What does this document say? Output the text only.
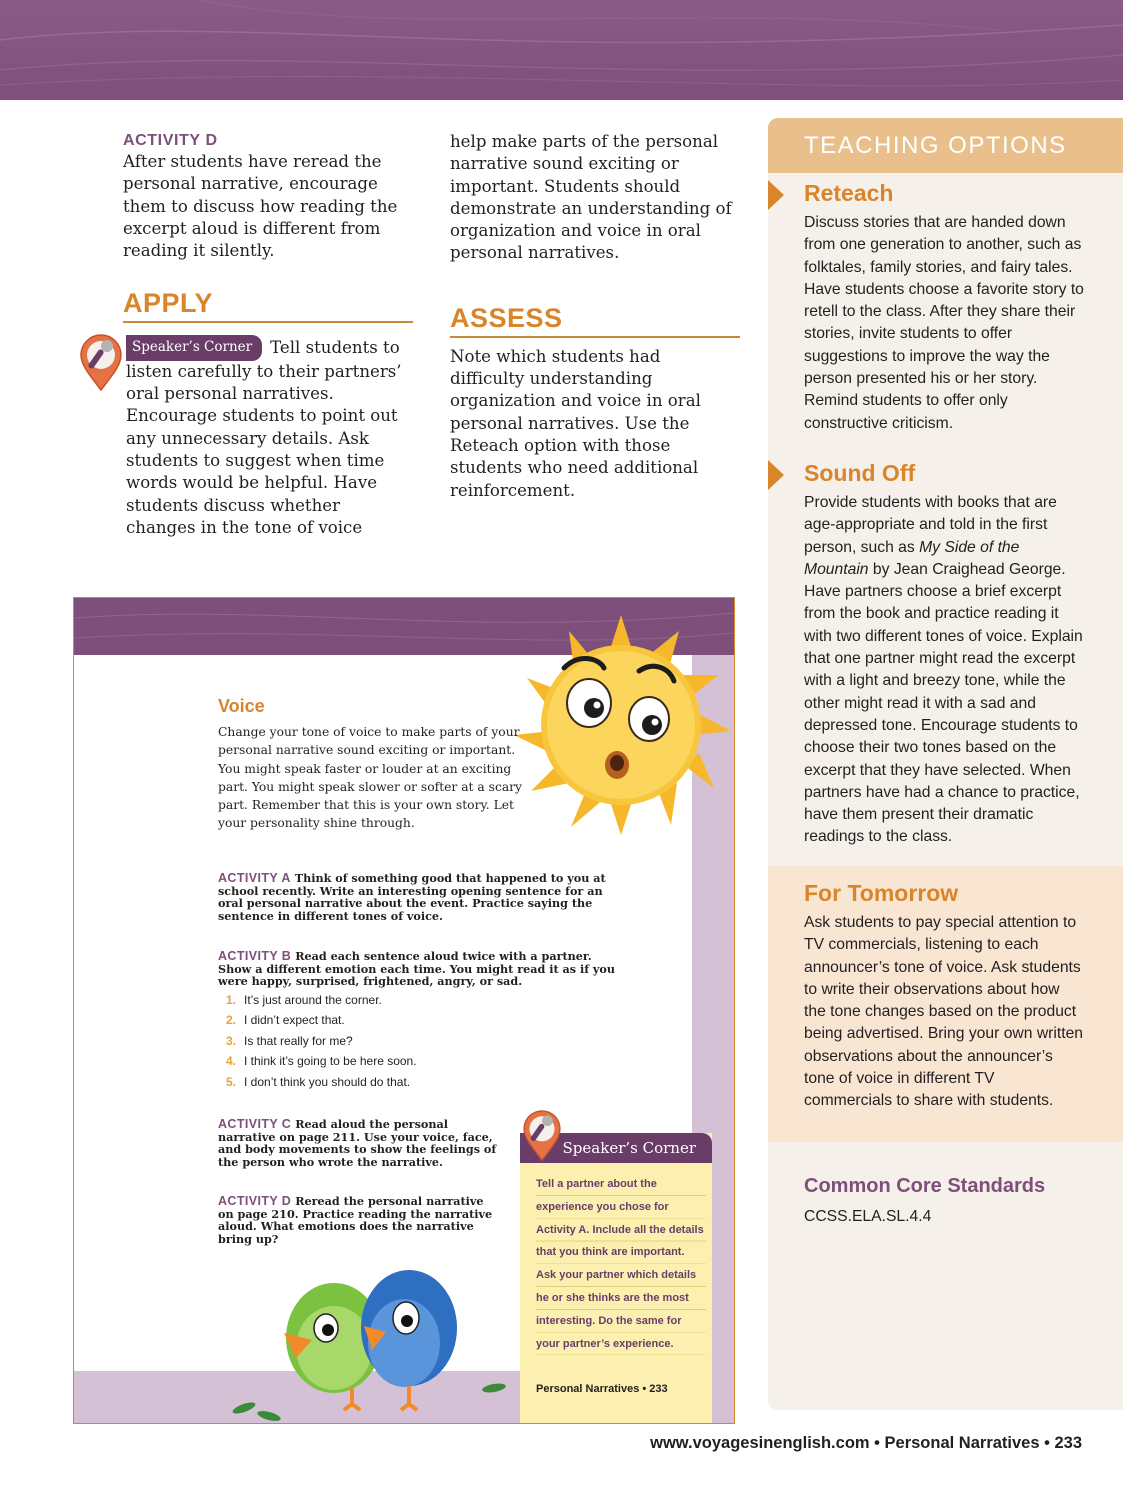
ACTIVITY D

After students have reread the personal narrative, encourage them to discuss how reading the excerpt aloud is different from reading it silently.

APPLY

Speaker’s Corner Tell students to listen carefully to their partners’ oral personal narratives. Encourage students to point out any unnecessary details. Ask students to suggest when time words would be helpful. Have students discuss whether changes in the tone of voice

help make parts of the personal narrative sound exciting or important. Students should demonstrate an understanding of organization and voice in oral personal narratives.

ASSESS

Note which students had difficulty understanding organization and voice in oral personal narratives. Use the Reteach option with those students who need additional reinforcement.

TEACHING OPTIONS
Reteach
Discuss stories that are handed down from one generation to another, such as folktales, family stories, and fairy tales. Have students choose a favorite story to retell to the class. After they share their stories, invite students to offer suggestions to improve the way the person presented his or her story. Remind students to offer only constructive criticism.
Sound Off
Provide students with books that are age-appropriate and told in the first person, such as My Side of the Mountain by Jean Craighead George. Have partners choose a brief excerpt from the book and practice reading it with two different tones of voice. Explain that one partner might read the excerpt with a light and breezy tone, while the other might read it with a sad and depressed tone. Encourage students to choose their two tones based on the excerpt that they have selected. When partners have had a chance to practice, have them present their dramatic readings to the class.
For Tomorrow
Ask students to pay special attention to TV commercials, listening to each announcer’s tone of voice. Ask students to write their observations about how the tone changes based on the product being advertised. Bring your own written observations about the announcer’s tone of voice in different TV commercials to share with students.
Common Core Standards
CCSS.ELA.SL.4.4
Voice
Change your tone of voice to make parts of your personal narrative sound exciting or important. You might speak faster or louder at an exciting part. You might speak slower or softer at a scary part. Remember that this is your own story. Let your personality shine through.
ACTIVITY A Think of something good that happened to you at school recently. Write an interesting opening sentence for an oral personal narrative about the event. Practice saying the sentence in different tones of voice.
ACTIVITY B Read each sentence aloud twice with a partner. Show a different emotion each time. You might read it as if you were happy, surprised, frightened, angry, or sad.
1. It’s just around the corner.
2. I didn’t expect that.
3. Is that really for me?
4. I think it’s going to be here soon.
5. I don’t think you should do that.
ACTIVITY C Read aloud the personal narrative on page 211. Use your voice, face, and body movements to show the feelings of the person who wrote the narrative.
ACTIVITY D Reread the personal narrative on page 210. Practice reading the narrative aloud. What emotions does the narrative bring up?
Speaker’s Corner
Tell a partner about the experience you chose for Activity A. Include all the details that you think are important. Ask your partner which details he or she thinks are the most interesting. Do the same for your partner’s experience.
Personal Narratives • 233
www.voyagesinenglish.com • Personal Narratives • 233
